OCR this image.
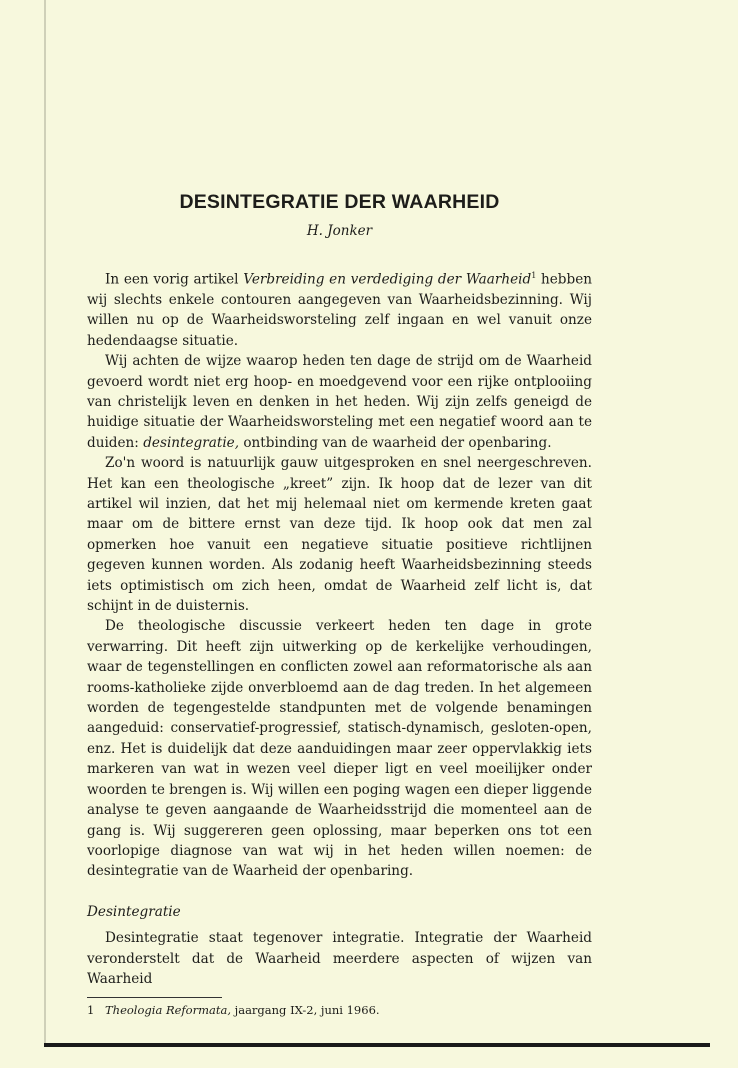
DESINTEGRATIE DER WAARHEID
H. Jonker

In een vorig artikel Verbreiding en verdediging der Waarheid$^1$ hebben wij slechts enkele contouren aangegeven van Waarheidsbezinning. Wij willen nu op de Waarheidsworsteling zelf ingaan en wel vanuit onze hedendaagse situatie.

Wij achten de wijze waarop heden ten dage de strijd om de Waarheid gevoerd wordt niet erg hoop- en moedgevend voor een rijke ontplooiing van christelijk leven en denken in het heden. Wij zijn zelfs geneigd de huidige situatie der Waarheidsworsteling met een negatief woord aan te duiden: desintegratie, ontbinding van de waarheid der openbaring.

Zo'n woord is natuurlijk gauw uitgesproken en snel neergeschreven. Het kan een theologische „kreet” zijn. Ik hoop dat de lezer van dit artikel wil inzien, dat het mij helemaal niet om kermende kreten gaat maar om de bittere ernst van deze tijd. Ik hoop ook dat men zal opmerken hoe vanuit een negatieve situatie positieve richtlijnen gegeven kunnen worden. Als zodanig heeft Waarheidsbezinning steeds iets optimistisch om zich heen, omdat de Waarheid zelf licht is, dat schijnt in de duisternis.

De theologische discussie verkeert heden ten dage in grote verwarring. Dit heeft zijn uitwerking op de kerkelijke verhoudingen, waar de tegenstellingen en conflicten zowel aan reformatorische als aan rooms-katholieke zijde onverbloemd aan de dag treden. In het algemeen worden de tegengestelde standpunten met de volgende benamingen aangeduid: conservatief-progressief, statisch-dynamisch, gesloten-open, enz. Het is duidelijk dat deze aanduidingen maar zeer oppervlakkig iets markeren van wat in wezen veel dieper ligt en veel moeilijker onder woorden te brengen is. Wij willen een poging wagen een dieper liggende analyse te geven aangaande de Waarheidsstrijd die momenteel aan de gang is. Wij suggereren geen oplossing, maar beperken ons tot een voorlopige diagnose van wat wij in het heden willen noemen: de desintegratie van de Waarheid der openbaring.

Desintegratie

Desintegratie staat tegenover integratie. Integratie der Waarheid veronderstelt dat de Waarheid meerdere aspecten of wijzen van Waarheid

1 Theologia Reformata, jaargang IX-2, juni 1966.
